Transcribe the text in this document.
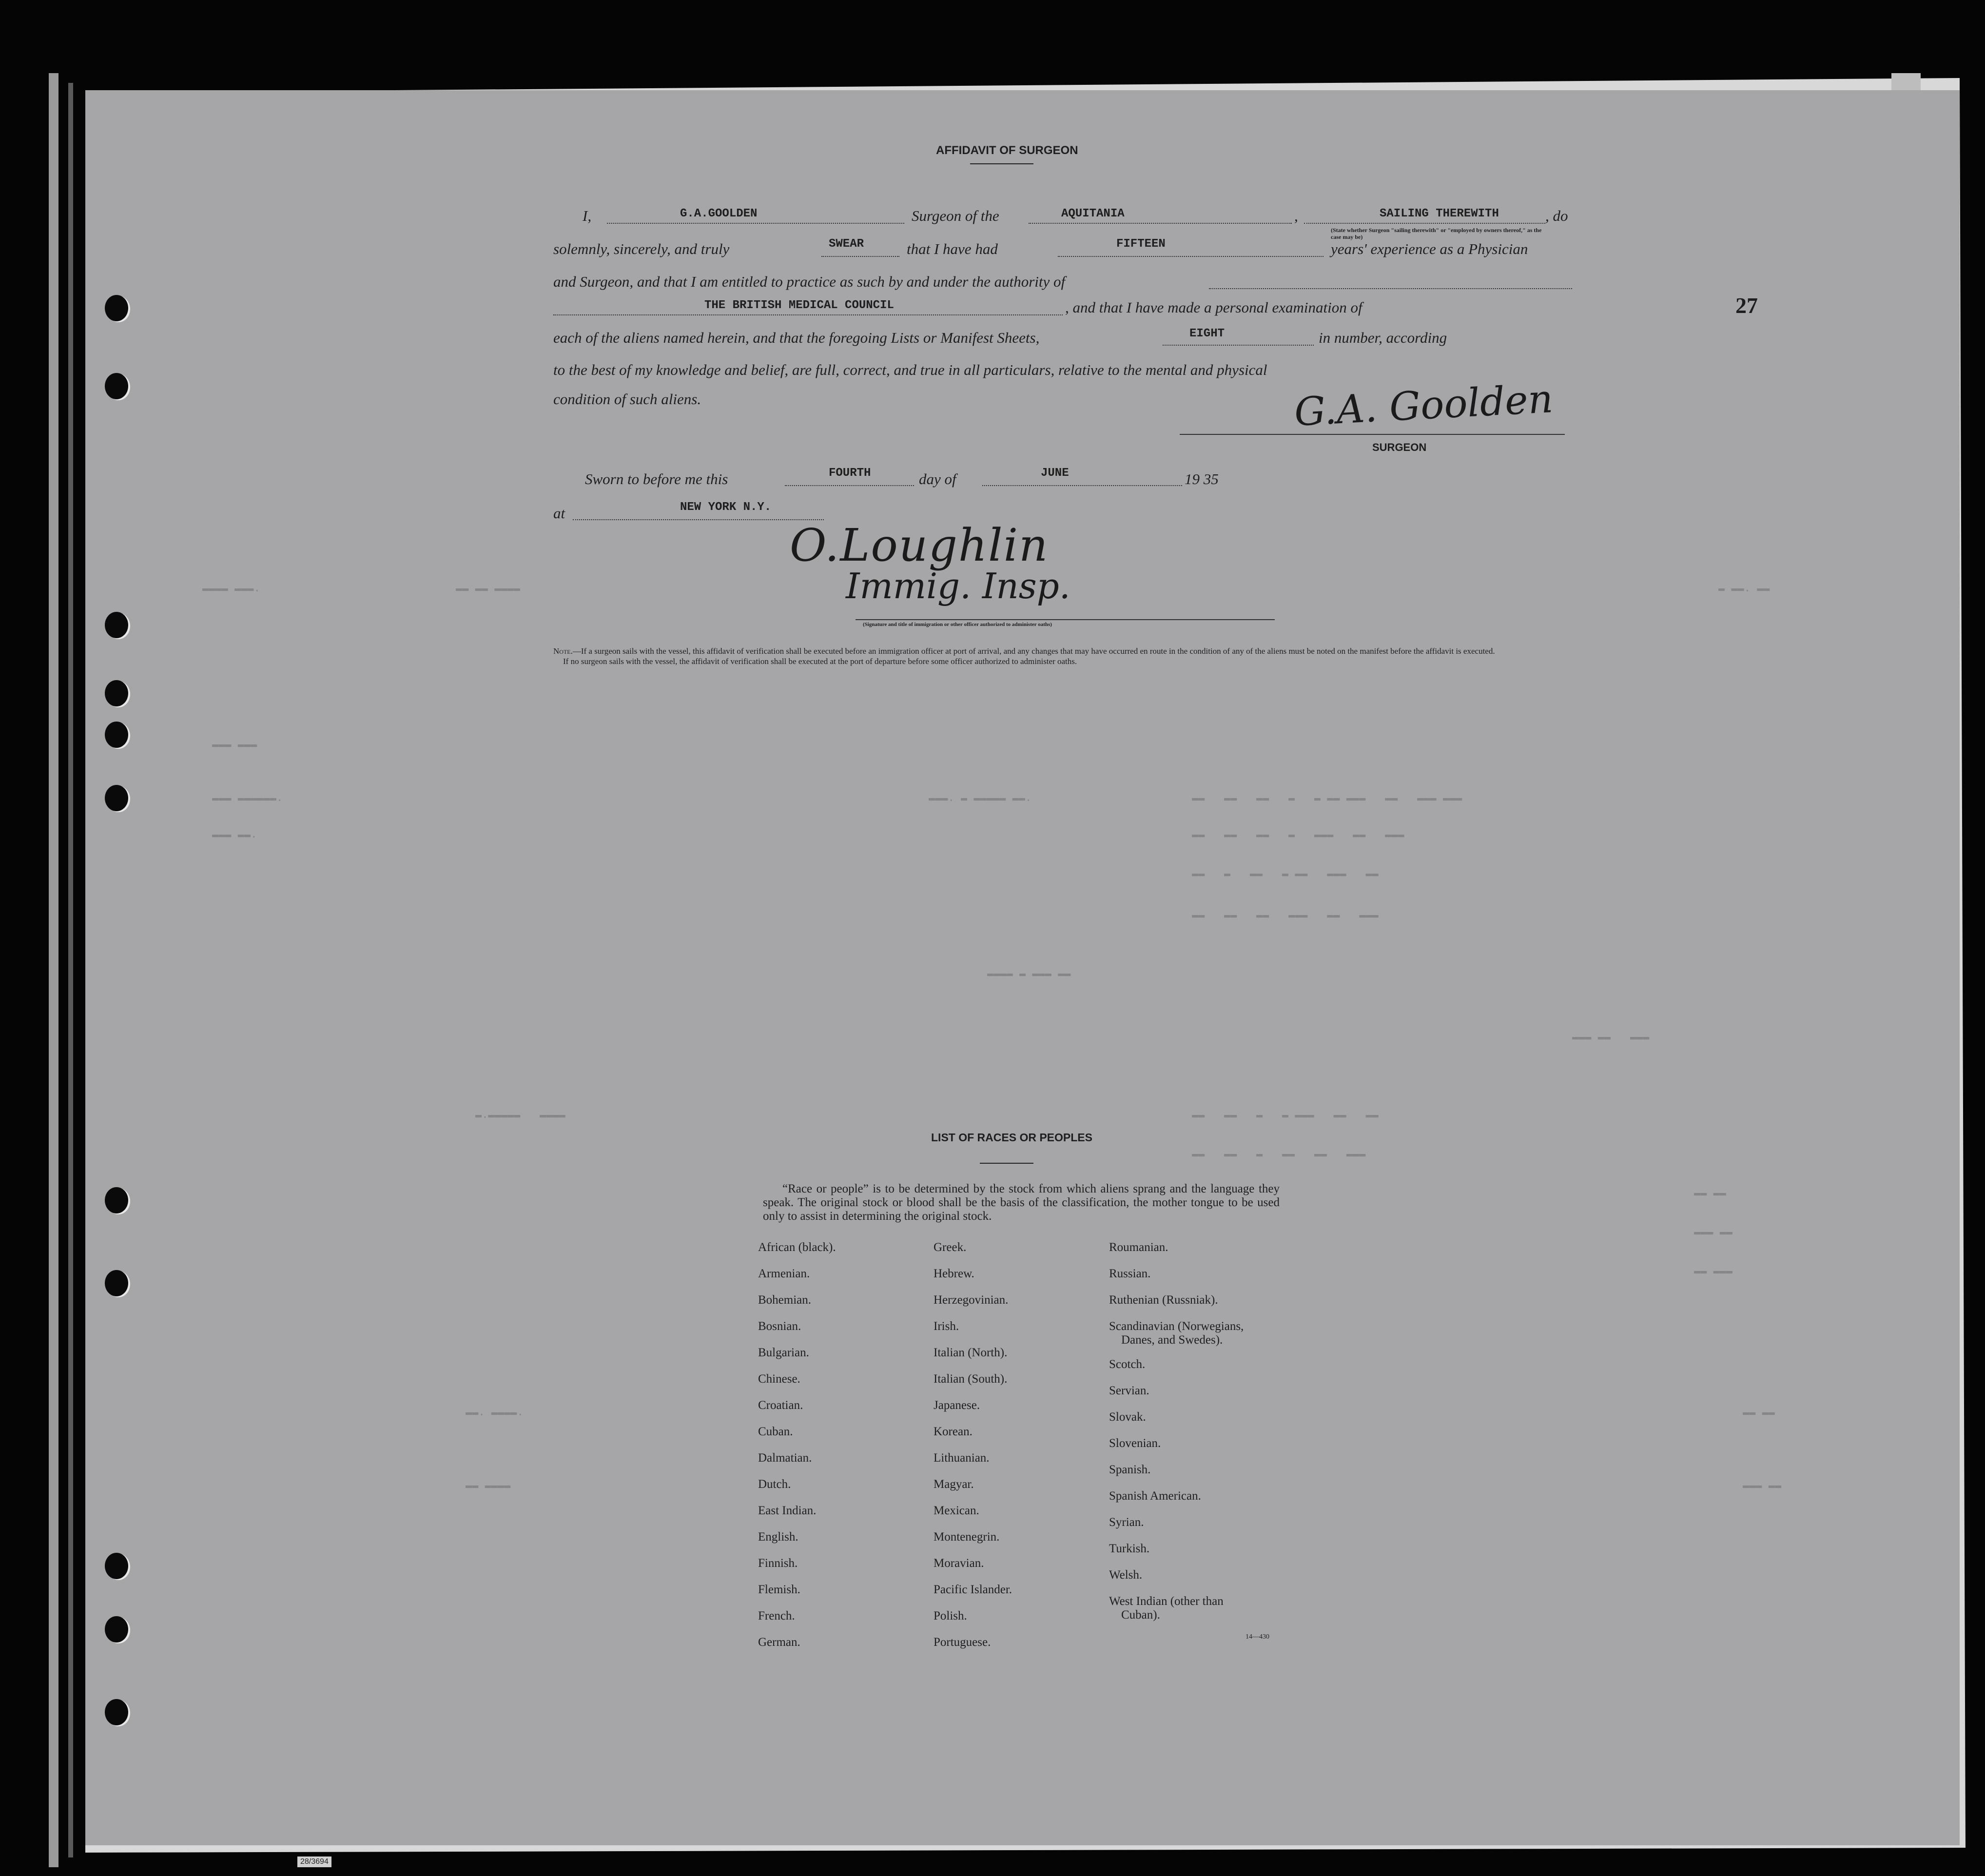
▬▬▬▬ ▬▬▬.	▬▬ ▬▬ ▬▬▬▬	▬ ▬▬. ▬▬
▬▬▬ ▬▬▬
▬▬▬ ▬▬▬▬▬▬.	▬▬▬. ▬ ▬▬▬▬▬ ▬▬.	▬▬   ▬▬   ▬▬   ▬   ▬ ▬▬ ▬▬▬   ▬▬   ▬▬▬ ▬▬▬
▬▬▬ ▬▬.	▬▬   ▬▬   ▬▬   ▬   ▬▬▬   ▬▬   ▬▬▬
▬▬   ▬   ▬▬   ▬ ▬▬   ▬▬▬   ▬▬
▬▬   ▬▬   ▬▬   ▬▬▬   ▬▬   ▬▬▬
▬▬▬▬ ▬ ▬▬▬ ▬▬
▬▬▬ ▬▬   ▬▬▬
▬.▬▬▬▬▬   ▬▬▬▬	▬▬   ▬▬   ▬   ▬ ▬▬▬   ▬▬   ▬▬
▬▬   ▬▬   ▬   ▬▬   ▬▬   ▬▬▬
▬▬ ▬▬
▬▬▬ ▬▬
▬▬ ▬▬▬
▬▬. ▬▬▬▬.	▬▬ ▬▬
▬▬ ▬▬▬▬	▬▬▬ ▬▬
AFFIDAVIT OF SURGEON
I,	G.A.GOOLDEN	Surgeon of the	AQUITANIA	,	SAILING THEREWITH	, do
(State whether Surgeon "sailing therewith" or "employed by owners thereof," as the case may be)
solemnly, sincerely, and truly	SWEAR	that I have had	FIFTEEN	years' experience as a Physician
and Surgeon, and that I am entitled to practice as such by and under the authority of
THE BRITISH MEDICAL COUNCIL	, and that I have made a personal examination of
each of the aliens named herein, and that the foregoing Lists or Manifest Sheets,	EIGHT	in number, according
to the best of my knowledge and belief, are full, correct, and true in all particulars, relative to the mental and physical
condition of such aliens.	G.A. Goolden
SURGEON
Sworn to before me this	FOURTH	day of	JUNE	19 35
at	NEW YORK N.Y.
O.Loughlin
Immig. Insp.
(Signature and title of immigration or other officer authorized to administer oaths)
Note.—If a surgeon sails with the vessel, this affidavit of verification shall be executed before an immigration officer at port of arrival, and any changes that may have occurred en route in the condition of any of the aliens must be noted on the manifest before the affidavit is executed.
If no surgeon sails with the vessel, the affidavit of verification shall be executed at the port of departure before some officer authorized to administer oaths.
27
LIST OF RACES OR PEOPLES
“Race or people” is to be determined by the stock from which aliens sprang and the language they speak. The original stock or blood shall be the basis of the classification, the mother tongue to be used only to assist in determining the original stock.
African (black).
Armenian.
Bohemian.
Bosnian.
Bulgarian.
Chinese.
Croatian.
Cuban.
Dalmatian.
Dutch.
East Indian.
English.
Finnish.
Flemish.
French.
German.
Greek.
Hebrew.
Herzegovinian.
Irish.
Italian (North).
Italian (South).
Japanese.
Korean.
Lithuanian.
Magyar.
Mexican.
Montenegrin.
Moravian.
Pacific Islander.
Polish.
Portuguese.
Roumanian.
Russian.
Ruthenian (Russniak).
Scandinavian (Norwegians,
Danes, and Swedes).
Scotch.
Servian.
Slovak.
Slovenian.
Spanish.
Spanish American.
Syrian.
Turkish.
Welsh.
West Indian (other than
Cuban).
14—430
28/3694
